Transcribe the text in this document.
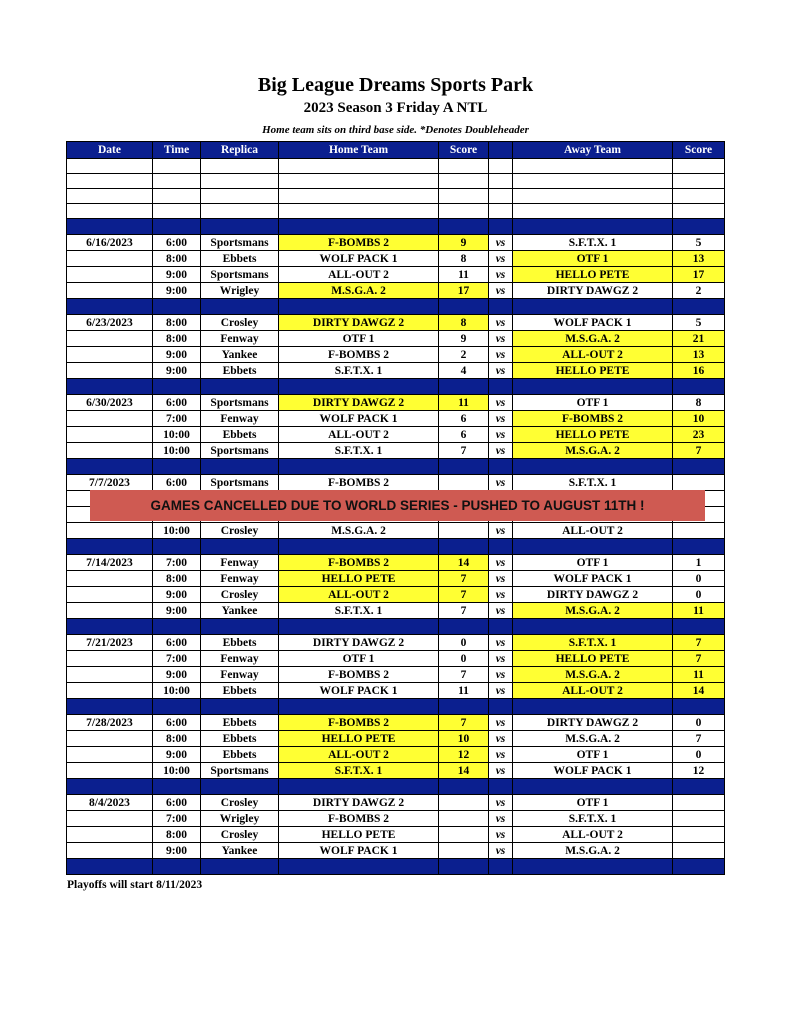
Big League Dreams Sports Park
2023 Season 3 Friday A NTL
Home team sits on third base side. *Denotes Doubleheader
Date	Time	Replica	Home Team	Score		Away Team	Score

6/16/2023	6:00	Sportsmans	F-BOMBS 2	9	vs	S.F.T.X. 1	5
	8:00	Ebbets	WOLF PACK 1	8	vs	OTF 1	13
	9:00	Sportsmans	ALL-OUT 2	11	vs	HELLO PETE	17
	9:00	Wrigley	M.S.G.A. 2	17	vs	DIRTY DAWGZ 2	2

6/23/2023	8:00	Crosley	DIRTY DAWGZ 2	8	vs	WOLF PACK 1	5
	8:00	Fenway	OTF 1	9	vs	M.S.G.A. 2	21
	9:00	Yankee	F-BOMBS 2	2	vs	ALL-OUT 2	13
	9:00	Ebbets	S.F.T.X. 1	4	vs	HELLO PETE	16

6/30/2023	6:00	Sportsmans	DIRTY DAWGZ 2	11	vs	OTF 1	8
	7:00	Fenway	WOLF PACK 1	6	vs	F-BOMBS 2	10
	10:00	Ebbets	ALL-OUT 2	6	vs	HELLO PETE	23
	10:00	Sportsmans	S.F.T.X. 1	7	vs	M.S.G.A. 2	7

7/7/2023	6:00	Sportsmans	F-BOMBS 2		vs	S.F.T.X. 1	

	10:00	Crosley	M.S.G.A. 2		vs	ALL-OUT 2	

7/14/2023	7:00	Fenway	F-BOMBS 2	14	vs	OTF 1	1
	8:00	Fenway	HELLO PETE	7	vs	WOLF PACK 1	0
	9:00	Crosley	ALL-OUT 2	7	vs	DIRTY DAWGZ 2	0
	9:00	Yankee	S.F.T.X. 1	7	vs	M.S.G.A. 2	11

7/21/2023	6:00	Ebbets	DIRTY DAWGZ 2	0	vs	S.F.T.X. 1	7
	7:00	Fenway	OTF 1	0	vs	HELLO PETE	7
	9:00	Fenway	F-BOMBS 2	7	vs	M.S.G.A. 2	11
	10:00	Ebbets	WOLF PACK 1	11	vs	ALL-OUT 2	14

7/28/2023	6:00	Ebbets	F-BOMBS 2	7	vs	DIRTY DAWGZ 2	0
	8:00	Ebbets	HELLO PETE	10	vs	M.S.G.A. 2	7
	9:00	Ebbets	ALL-OUT 2	12	vs	OTF 1	0
	10:00	Sportsmans	S.F.T.X. 1	14	vs	WOLF PACK 1	12

8/4/2023	6:00	Crosley	DIRTY DAWGZ 2		vs	OTF 1	
	7:00	Wrigley	F-BOMBS 2		vs	S.F.T.X. 1	
	8:00	Crosley	HELLO PETE		vs	ALL-OUT 2	
	9:00	Yankee	WOLF PACK 1		vs	M.S.G.A. 2	

GAMES CANCELLED DUE TO WORLD SERIES - PUSHED TO AUGUST 11TH !
Playoffs will start 8/11/2023
